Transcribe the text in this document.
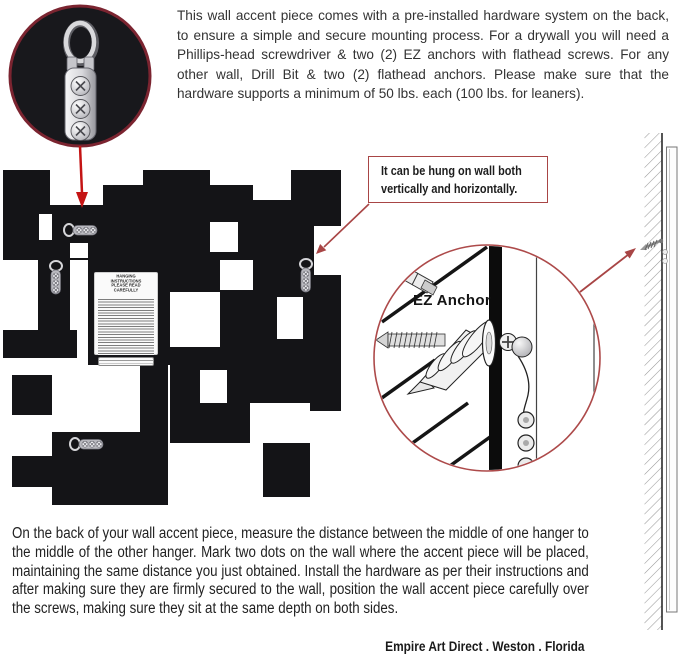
This wall accent piece comes with a pre-installed hardware system on the back, to ensure a simple and secure mounting process. For a drywall you will need a Phillips-head screwdriver & two (2) EZ anchors with flathead screws. For any other wall, Drill Bit & two (2) flathead anchors. Please make sure that the hardware supports a minimum of 50 lbs. each (100 lbs. for leaners).
It can be hung on wall both
vertically and horizontally.
EZ Anchor
HANGING INSTRUCTIONS
PLEASE READ CAREFULLY
On the back of your wall accent piece, measure the distance between the middle of one hanger to the middle of the other hanger. Mark two dots on the wall where the accent piece will be placed, maintaining the same distance you just obtained. Install the hardware as per their instructions and after making sure they are firmly secured to the wall, position the wall accent piece carefully over the screws, making sure they sit at the same depth on both sides.
Empire Art Direct . Weston . Florida
